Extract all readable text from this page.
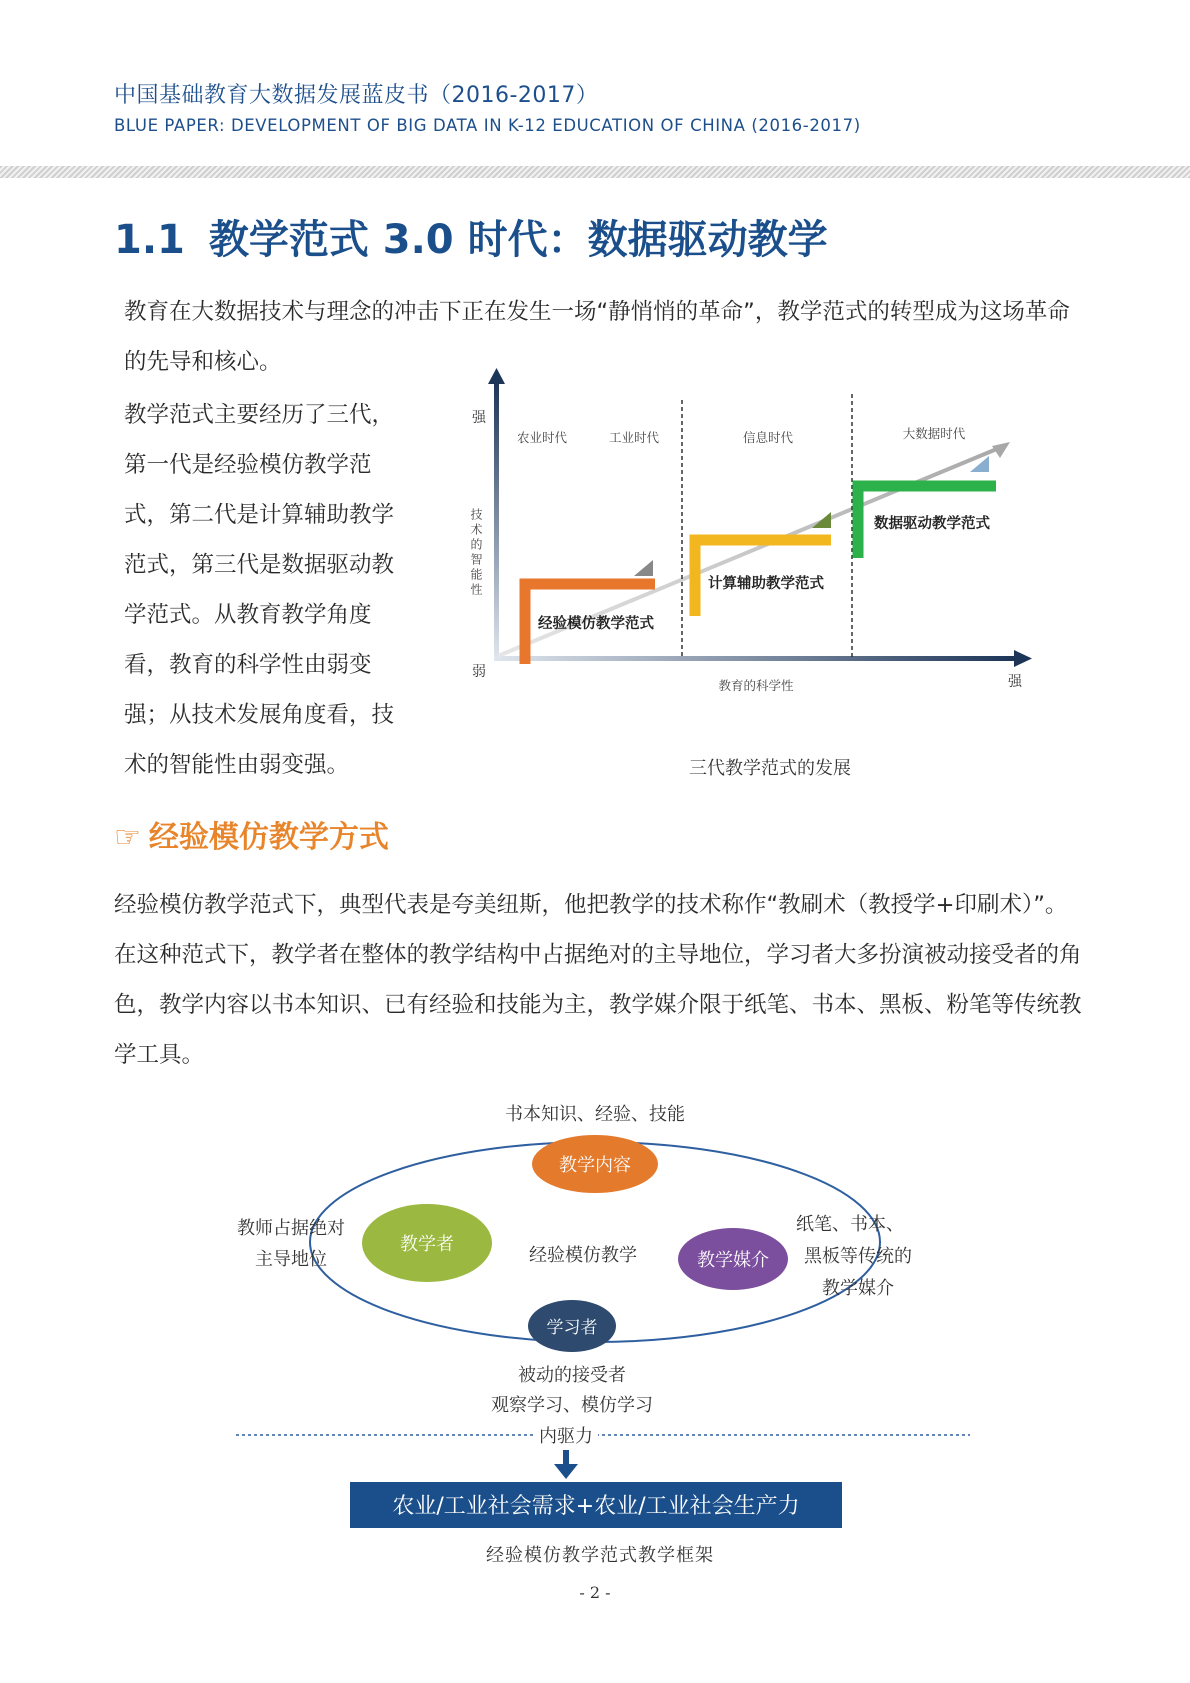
中国基础教育大数据发展蓝皮书（2016-2017）
BLUE PAPER: DEVELOPMENT OF BIG DATA IN K-12 EDUCATION OF CHINA (2016-2017)
1.1 教学范式 3.0 时代：数据驱动教学
教育在大数据技术与理念的冲击下正在发生一场“静悄悄的革命”，教学范式的转型成为这场革命的先导和核心。
教学范式主要经历了三代，第一代是经验模仿教学范式，第二代是计算辅助教学范式，第三代是数据驱动教学范式。从教育教学角度看，教育的科学性由弱变强；从技术发展角度看，技术的智能性由弱变强。
强
弱
技术的智能性
教育的科学性	强
农业时代	工业时代	信息时代	大数据时代
经验模仿教学范式
计算辅助教学范式
数据驱动教学范式
三代教学范式的发展
☞ 经验模仿教学方式
经验模仿教学范式下，典型代表是夸美纽斯，他把教学的技术称作“教刷术（教授学+印刷术）”。在这种范式下，教学者在整体的教学结构中占据绝对的主导地位，学习者大多扮演被动接受者的角色，教学内容以书本知识、已有经验和技能为主，教学媒介限于纸笔、书本、黑板、粉笔等传统教学工具。
教学内容
教学者
教学媒介
学习者
经验模仿教学
书本知识、经验、技能
教师占据绝对
主导地位
纸笔、书本、
黑板等传统的
教学媒介
被动的接受者
观察学习、模仿学习
内驱力
农业/工业社会需求+农业/工业社会生产力
经验模仿教学范式教学框架
- 2 -
